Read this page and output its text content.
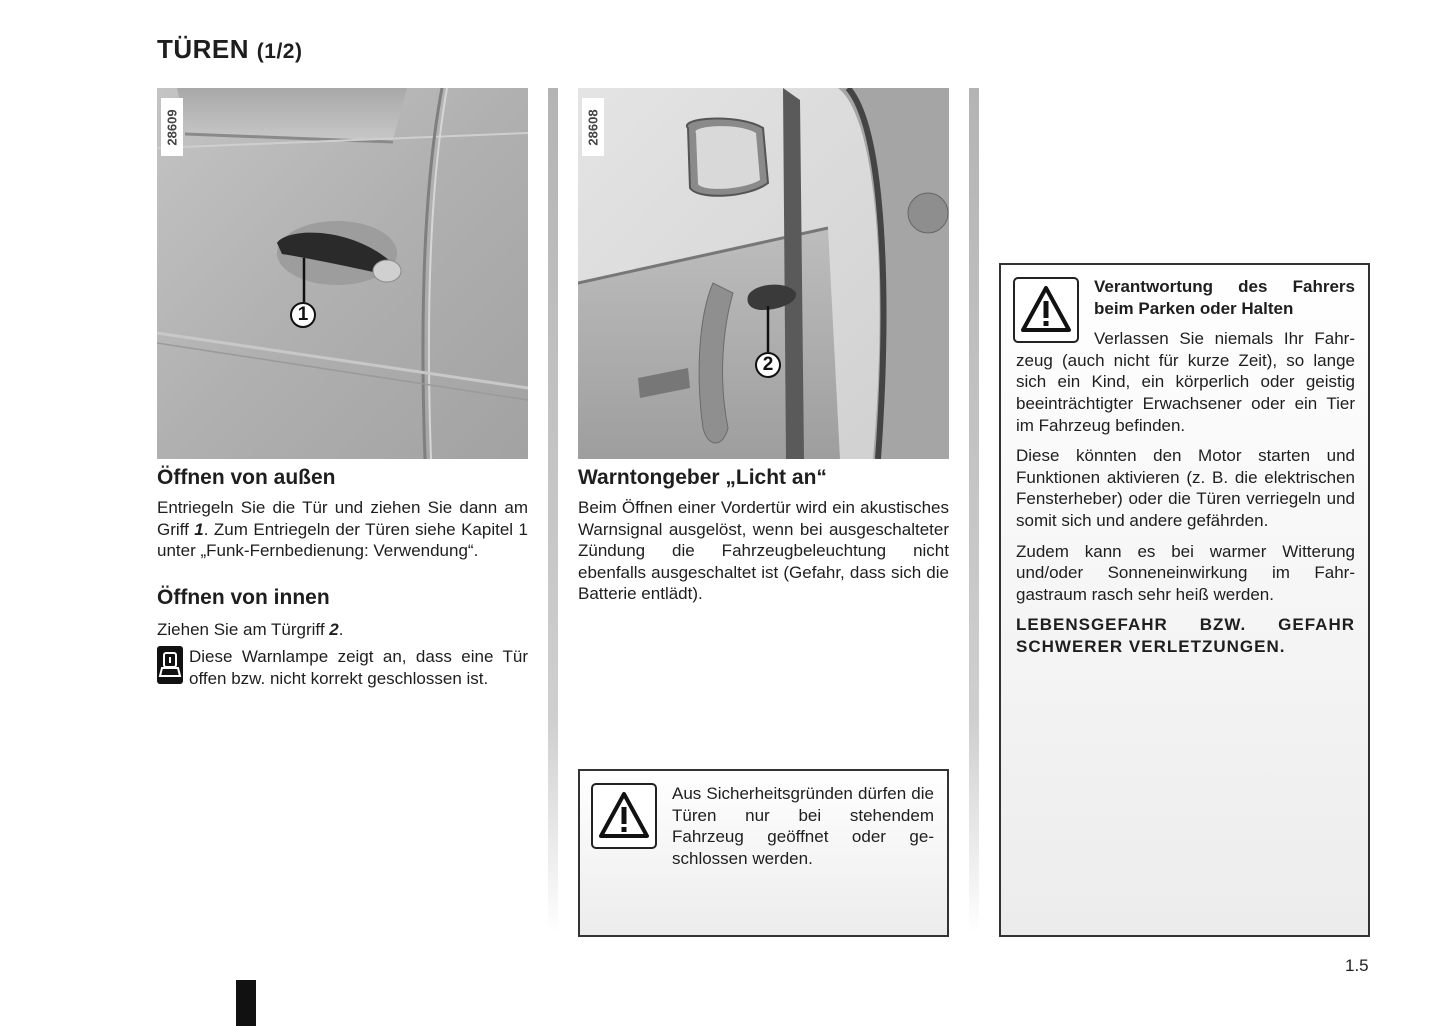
TÜREN (1/2)
28609
1
Öffnen von außen

Entriegeln Sie die Tür und ziehen Sie dann am Griff 1. Zum Entriegeln der Türen siehe Kapitel 1 unter „Funk-Fernbedienung: Verwendung“.

Öffnen von innen

Ziehen Sie am Türgriff 2.

Diese Warnlampe zeigt an, dass eine Tür offen bzw. nicht korrekt geschlossen ist.

28608
2
Warntongeber „Licht an“

Beim Öffnen einer Vordertür wird ein akustisches Warnsignal ausgelöst, wenn bei ausgeschalteter Zündung die Fahrzeugbeleuchtung nicht ebenfalls ausgeschaltet ist (Gefahr, dass sich die Batterie entlädt).

Aus Sicherheitsgründen dürfen die Türen nur bei stehendem Fahrzeug geöffnet oder geschlossen werden.

Verantwortung des Fahrers beim Parken oder Halten

Verlassen Sie niemals Ihr Fahrzeug (auch nicht für kurze Zeit), so lange sich ein Kind, ein körperlich oder geistig beeinträchtigter Erwachsener oder ein Tier im Fahrzeug befinden.

Diese könnten den Motor starten und Funktionen aktivieren (z. B. die elektrischen Fensterheber) oder die Türen verriegeln und somit sich und andere gefährden.

Zudem kann es bei warmer Witterung und/oder Sonneneinwirkung im Fahrgastraum rasch sehr heiß werden.

LEBENSGEFAHR BZW. GEFAHR SCHWERER VERLETZUNGEN.

1.5
